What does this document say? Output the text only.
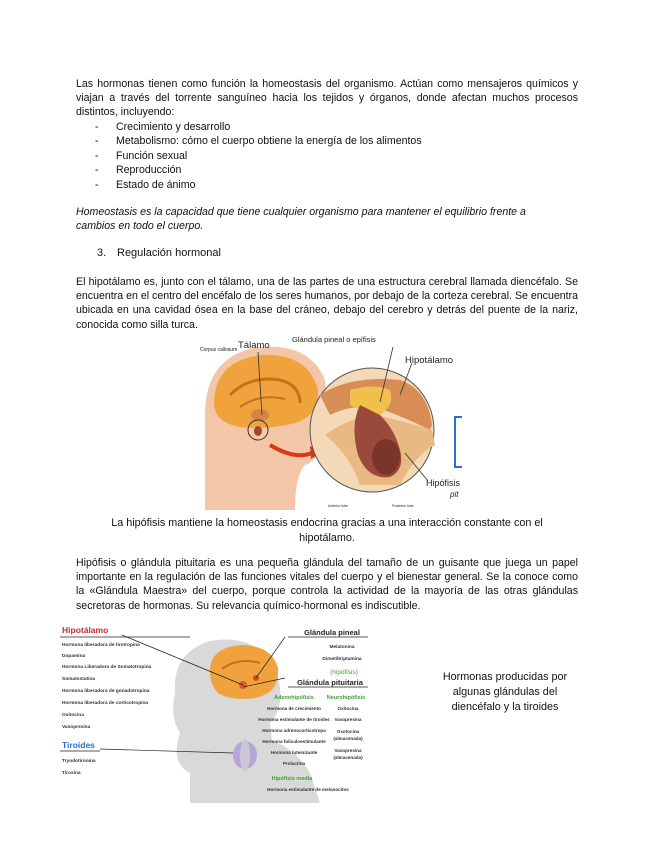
Las hormonas tienen como función la homeostasis del organismo. Actúan como mensajeros químicos y viajan a través del torrente sanguíneo hacia los tejidos y órganos, donde afectan muchos procesos distintos, incluyendo:

- Crecimiento y desarrollo
- Metabolismo: cómo el cuerpo obtiene la energía de los alimentos
- Función sexual
- Reproducción
- Estado de ánimo

Homeostasis es la capacidad que tiene cualquier organismo para mantener el equilibrio frente a cambios en todo el cuerpo.

3. Regulación hormonal

El hipotálamo es, junto con el tálamo, una de las partes de una estructura cerebral llamada diencéfalo. Se encuentra en el centro del encéfalo de los seres humanos, por debajo de la corteza cerebral. Se encuentra ubicada en una cavidad ósea en la base del cráneo, debajo del cerebro y detrás del puente de la nariz, conocida como silla turca.

Corpus callosum Tálamo
Glándula pineal o epífisis
Hipotálamo
Hipófisis
pit
Anterior lobe	Posterior lobe

La hipófisis mantiene la homeostasis endocrina gracias a una interacción constante con el hipotálamo.

Hipófisis o glándula pituitaria es una pequeña glándula del tamaño de un guisante que juega un papel importante en la regulación de las funciones vitales del cuerpo y el bienestar general. Se la conoce como la «Glándula Maestra» del cuerpo, porque controla la actividad de la mayoría de las otras glándulas secretoras de hormonas. Su relevancia químico-hormonal es indiscutible.

Hipotálamo
Hormona liberadora de tirotropina
Dopamina
Hormona Liberadora de Somatotropina
Somatostatina
Hormona liberadora de gonadotropina
Hormona liberadora de corticotropina
Oxitocina
Vasopresina
Tiroides
Tryodotironina
Tiroxina
Glándula pineal
Melatonina
Dimetiltriptamina
(hipofisis)
Glándula pituitaria
Adenohipófisis Neurohipófisis
Hormona de crecimiento
Hormona estimulante de tiroides
Hormona adrenocorticotropa
Hormona foliculoestimulante
Hormona luteinizante
Prolactina
Oxitocina
Vasopresina
Oxotocina
(almacenada)
Vasopresina
(almacenada)
Hipófisis media
Hormona estimulante de melanocitos

Hormonas producidas por algunas glándulas del diencéfalo y la tiroides
